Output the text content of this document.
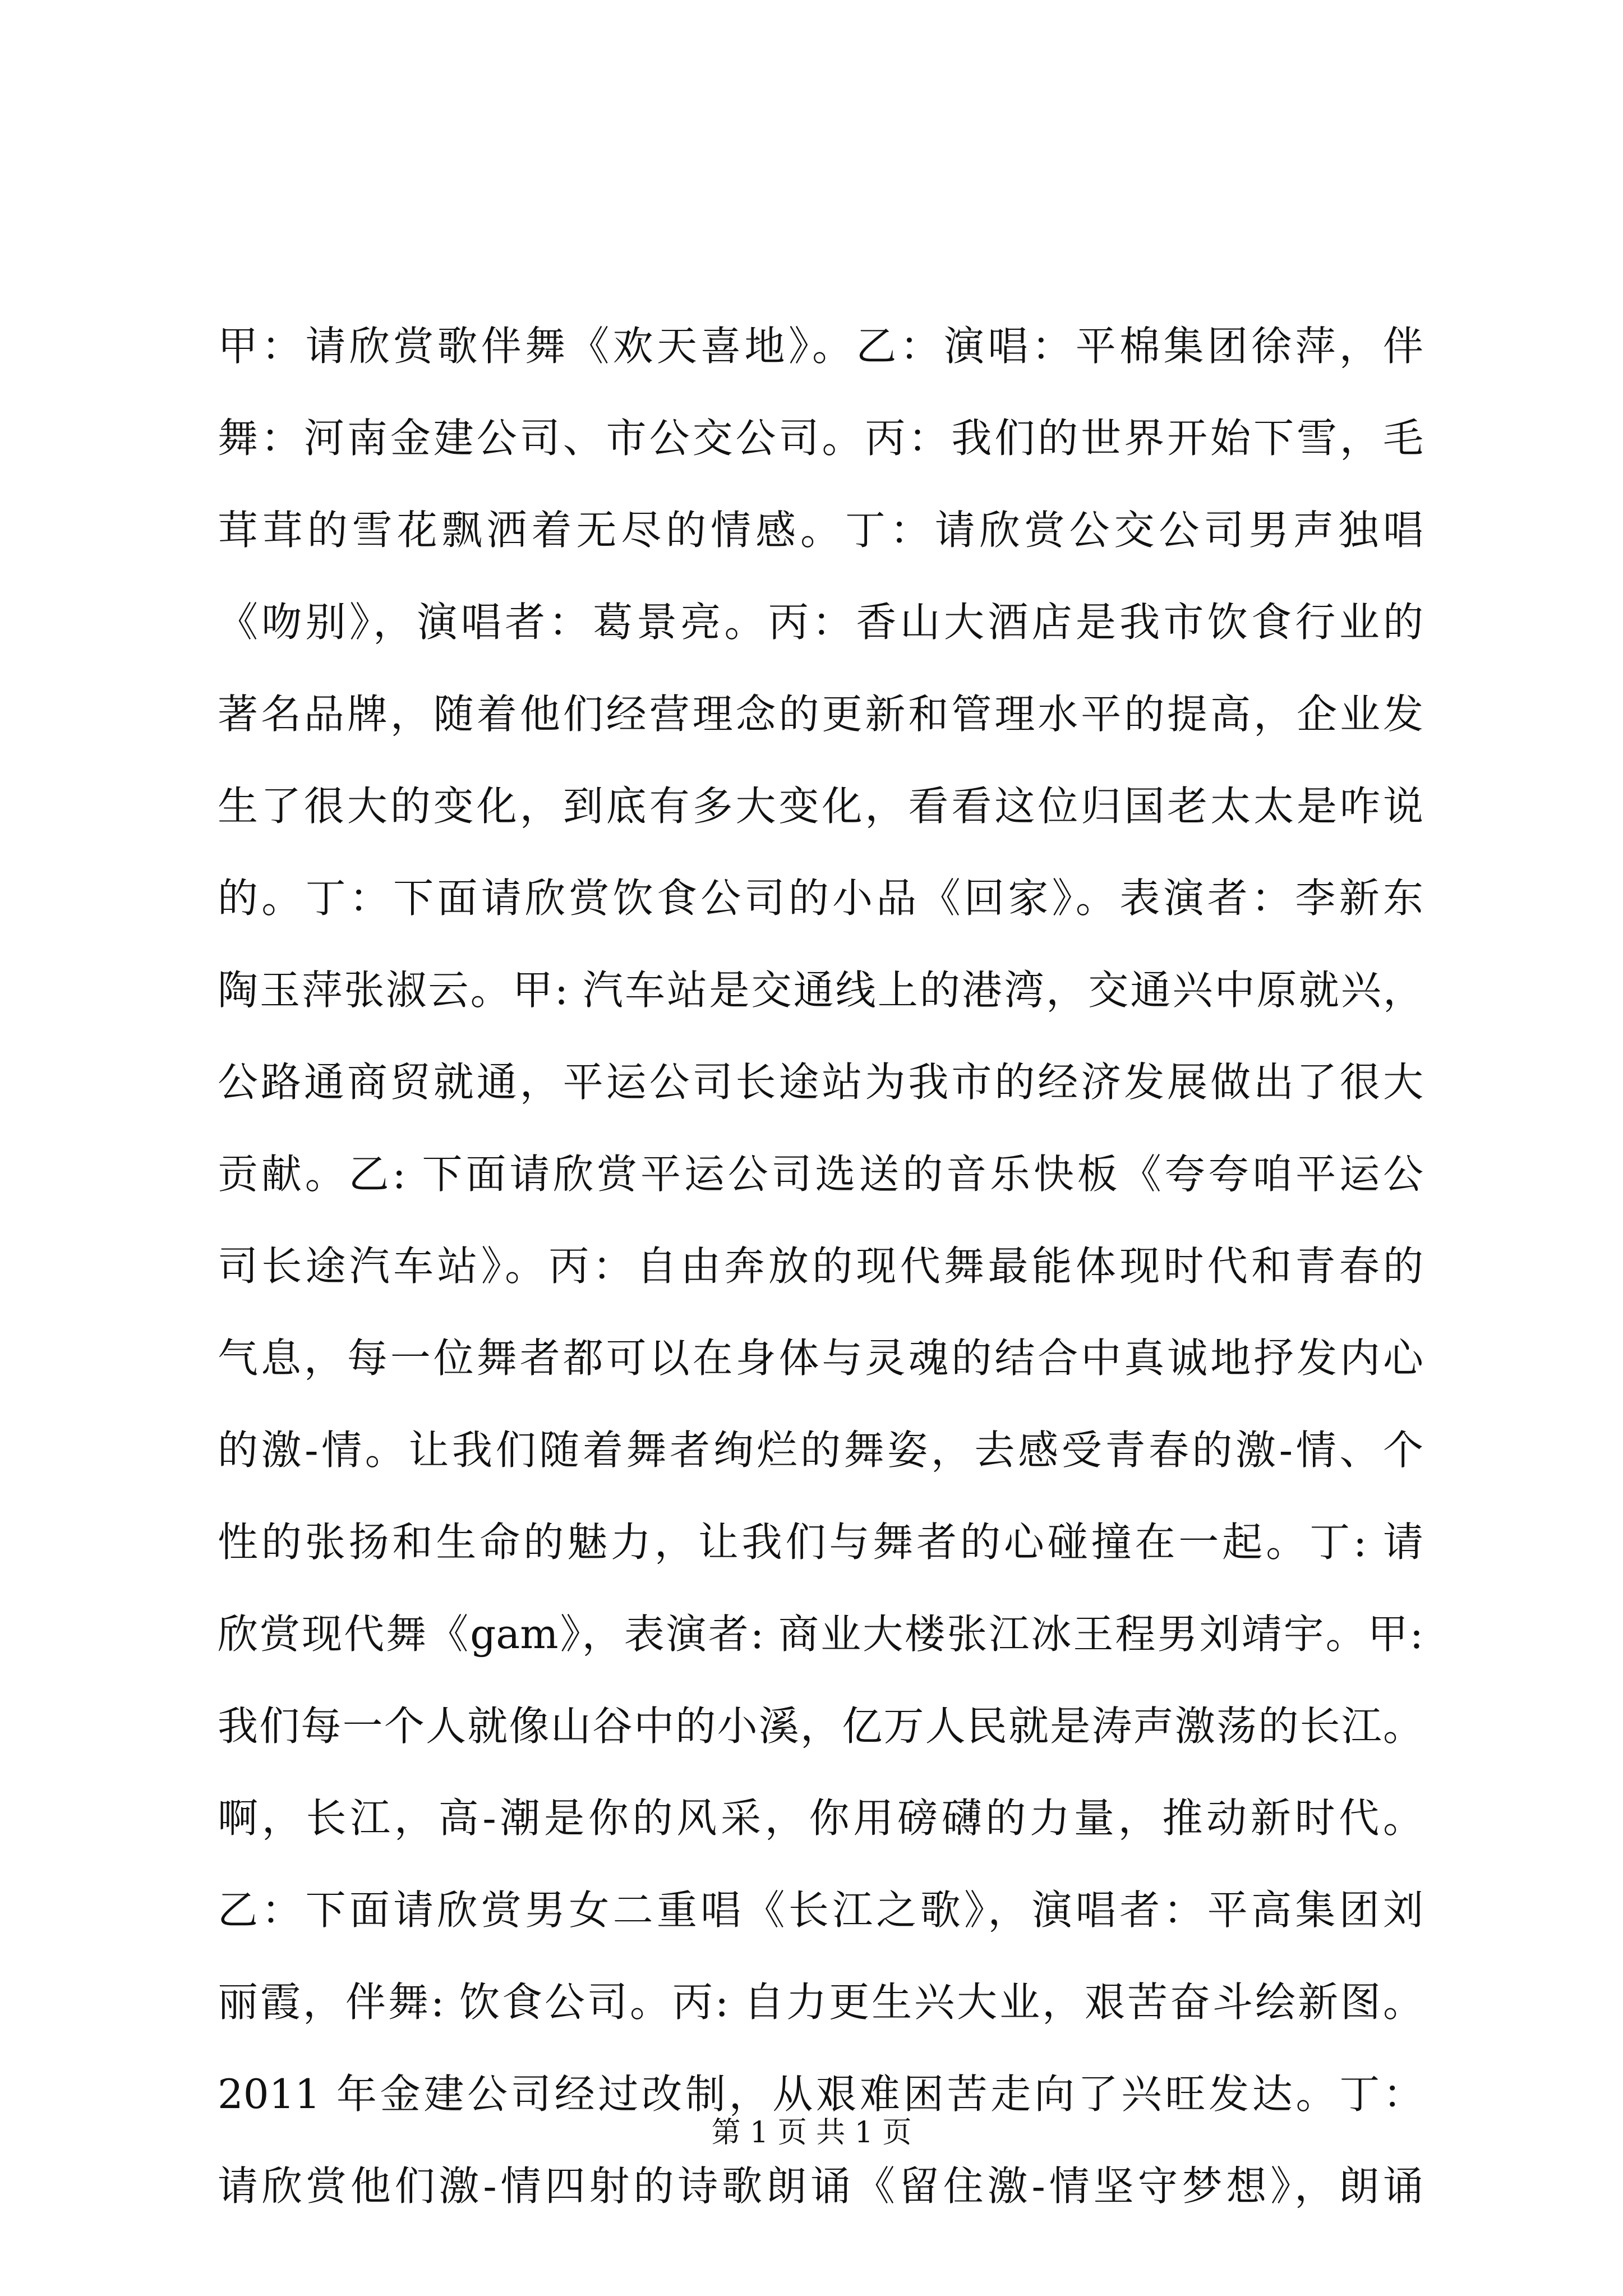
甲：请欣赏歌伴舞《欢天喜地》。乙：演唱：平棉集团徐萍，伴
舞：河南金建公司、市公交公司。丙：我们的世界开始下雪，毛
茸茸的雪花飘洒着无尽的情感。丁：请欣赏公交公司男声独唱
《吻别》，演唱者：葛景亮。丙：香山大酒店是我市饮食行业的
著名品牌，随着他们经营理念的更新和管理水平的提高，企业发
生了很大的变化，到底有多大变化，看看这位归国老太太是咋说
的。丁：下面请欣赏饮食公司的小品《回家》。表演者：李新东
陶玉萍张淑云。甲: 汽车站是交通线上的港湾，交通兴中原就兴，
公路通商贸就通，平运公司长途站为我市的经济发展做出了很大
贡献。乙: 下面请欣赏平运公司选送的音乐快板《夸夸咱平运公
司长途汽车站》。丙：自由奔放的现代舞最能体现时代和青春的
气息，每一位舞者都可以在身体与灵魂的结合中真诚地抒发内心
的激-情。让我们随着舞者绚烂的舞姿，去感受青春的激-情、个
性的张扬和生命的魅力，让我们与舞者的心碰撞在一起。丁: 请
欣赏现代舞《gam》，表演者: 商业大楼张江冰王程男刘靖宇。甲:
我们每一个人就像山谷中的小溪，亿万人民就是涛声激荡的长江。
啊，长江，高-潮是你的风采，你用磅礴的力量，推动新时代。
乙：下面请欣赏男女二重唱《长江之歌》，演唱者：平高集团刘
丽霞，伴舞: 饮食公司。丙: 自力更生兴大业，艰苦奋斗绘新图。
2011 年金建公司经过改制，从艰难困苦走向了兴旺发达。丁：
请欣赏他们激-情四射的诗歌朗诵《留住激-情坚守梦想》，朗诵
第 1 页 共 1 页
